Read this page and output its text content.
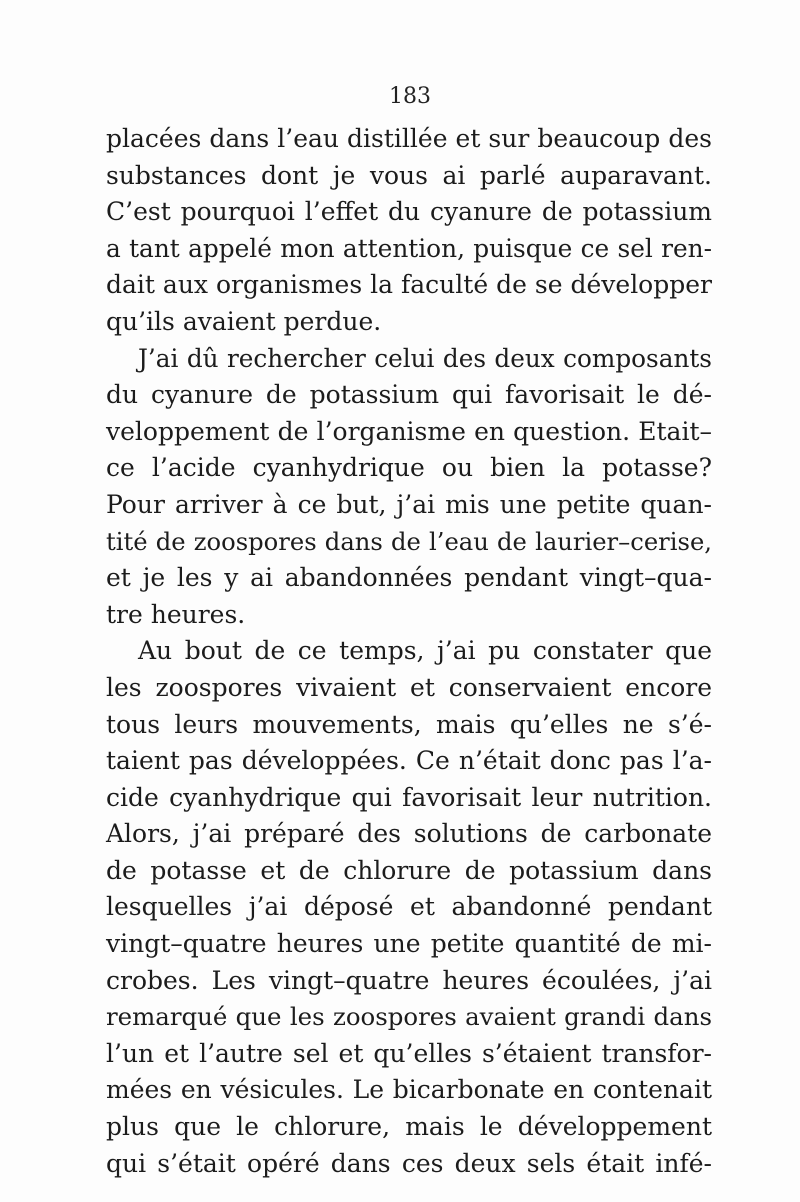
183
placées dans l’eau distillée et sur beaucoup des
substances dont je vous ai parlé auparavant.
C’est pourquoi l’effet du cyanure de potassium
a tant appelé mon attention, puisque ce sel ren-
dait aux organismes la faculté de se développer
qu’ils avaient perdue.
J’ai dû rechercher celui des deux composants
du cyanure de potassium qui favorisait le dé-
veloppement de l’organisme en question. Etait–
ce l’acide cyanhydrique ou bien la potasse?
Pour arriver à ce but, j’ai mis une petite quan-
tité de zoospores dans de l’eau de laurier–cerise,
et je les y ai abandonnées pendant vingt–qua-
tre heures.
Au bout de ce temps, j’ai pu constater que
les zoospores vivaient et conservaient encore
tous leurs mouvements, mais qu’elles ne s’é-
taient pas développées. Ce n’était donc pas l’a-
cide cyanhydrique qui favorisait leur nutrition.
Alors, j’ai préparé des solutions de carbonate
de potasse et de chlorure de potassium dans
lesquelles j’ai déposé et abandonné pendant
vingt–quatre heures une petite quantité de mi-
crobes. Les vingt–quatre heures écoulées, j’ai
remarqué que les zoospores avaient grandi dans
l’un et l’autre sel et qu’elles s’étaient transfor-
mées en vésicules. Le bicarbonate en contenait
plus que le chlorure, mais le développement
qui s’était opéré dans ces deux sels était infé-
